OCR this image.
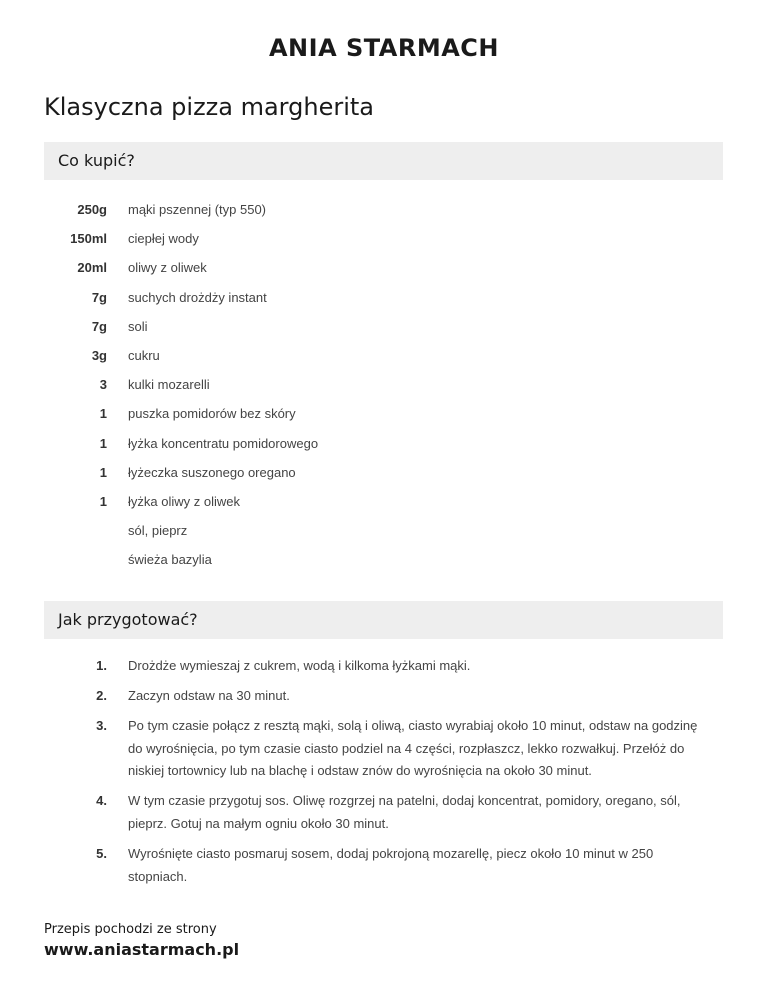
ANIA STARMACH
Klasyczna pizza margherita
Co kupić?
250g mąki pszennej (typ 550)
150ml ciepłej wody
20ml oliwy z oliwek
7g suchych drożdży instant
7g soli
3g cukru
3 kulki mozarelli
1 puszka pomidorów bez skóry
1 łyżka koncentratu pomidorowego
1 łyżeczka suszonego oregano
1 łyżka oliwy z oliwek
sól, pieprz
świeża bazylia
Jak przygotować?
1. Drożdże wymieszaj z cukrem, wodą i kilkoma łyżkami mąki.
2. Zaczyn odstaw na 30 minut.
3. Po tym czasie połącz z resztą mąki, solą i oliwą, ciasto wyrabiaj około 10 minut, odstaw na godzinę do wyrośnięcia, po tym czasie ciasto podziel na 4 części, rozpłaszcz, lekko rozwałkuj. Przełóż do niskiej tortownicy lub na blachę i odstaw znów do wyrośnięcia na około 30 minut.
4. W tym czasie przygotuj sos. Oliwę rozgrzej na patelni, dodaj koncentrat, pomidory, oregano, sól, pieprz. Gotuj na małym ogniu około 30 minut.
5. Wyrośnięte ciasto posmaruj sosem, dodaj pokrojoną mozarellę, piecz około 10 minut w 250 stopniach.
Przepis pochodzi ze strony
www.aniastarmach.pl
